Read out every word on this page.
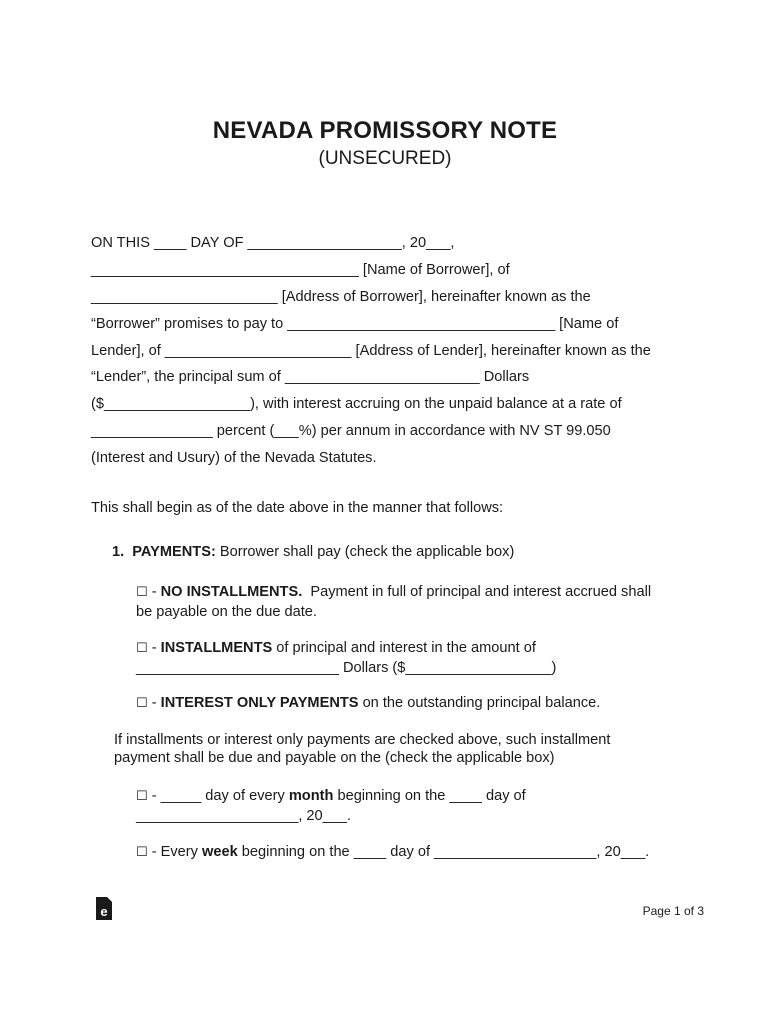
NEVADA PROMISSORY NOTE
(UNSECURED)
ON THIS ____ DAY OF ___________________, 20___,
_________________________________ [Name of Borrower], of
_______________________ [Address of Borrower], hereinafter known as the
“Borrower” promises to pay to _________________________________ [Name of
Lender], of _______________________ [Address of Lender], hereinafter known as the
“Lender”, the principal sum of ________________________ Dollars
($__________________), with interest accruing on the unpaid balance at a rate of
_______________ percent (___%) per annum in accordance with NV ST 99.050
(Interest and Usury) of the Nevada Statutes.
This shall begin as of the date above in the manner that follows:
1. PAYMENTS: Borrower shall pay (check the applicable box)
☐ - NO INSTALLMENTS.  Payment in full of principal and interest accrued shall
be payable on the due date.
☐ - INSTALLMENTS of principal and interest in the amount of
_________________________ Dollars ($__________________)
☐ - INTEREST ONLY PAYMENTS on the outstanding principal balance.
If installments or interest only payments are checked above, such installment
payment shall be due and payable on the (check the applicable box)
☐ - _____ day of every month beginning on the ____ day of
____________________, 20___.
☐ - Every week beginning on the ____ day of ____________________, 20___.
e	Page 1 of 3
